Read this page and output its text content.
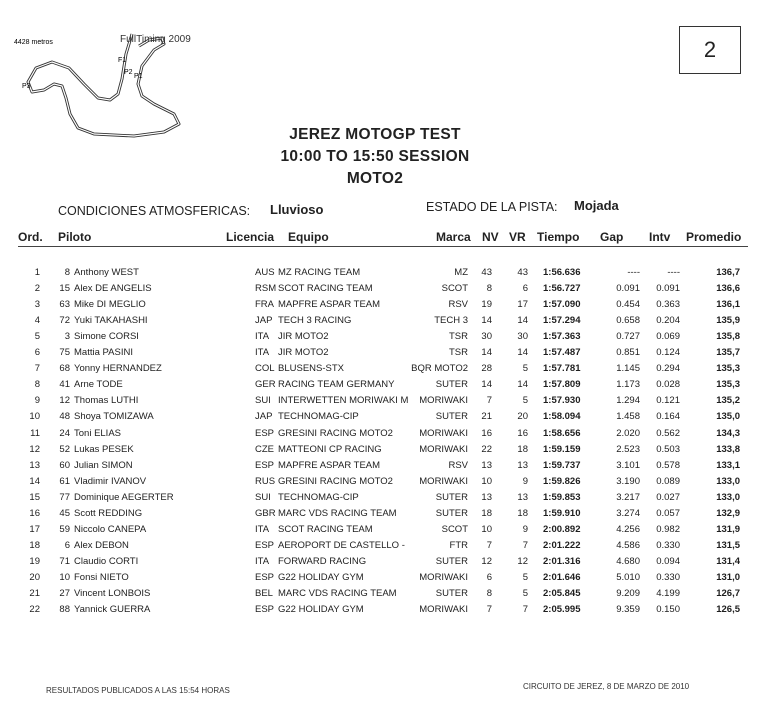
4428 metros	FullTiming 2009
F1
P2
P1
P3
2
JEREZ MOTOGP TEST
10:00 TO 15:50 SESSION
MOTO2
CONDICIONES ATMOSFERICAS: Lluvioso	ESTADO DE LA PISTA: Mojada
Ord. Piloto	Licencia Equipo	Marca NV VR Tiempo Gap Intv Promedio
1	8 Anthony WEST	AUS MZ RACING TEAM	MZ	43	43 1:56.636	----	----	136,7
2	15 Alex DE ANGELIS	RSM SCOT RACING TEAM	SCOT	8	6 1:56.727	0.091	0.091	136,6
3	63 Mike DI MEGLIO	FRA MAPFRE ASPAR TEAM	RSV	19	17 1:57.090	0.454	0.363	136,1
4	72 Yuki TAKAHASHI	JAP TECH 3 RACING	TECH 3	14	14 1:57.294	0.658	0.204	135,9
5	3 Simone CORSI	ITA JIR MOTO2	TSR	30	30 1:57.363	0.727	0.069	135,8
6	75 Mattia PASINI	ITA JIR MOTO2	TSR	14	14 1:57.487	0.851	0.124	135,7
7	68 Yonny HERNANDEZ	COL BLUSENS-STX	BQR MOTO2	28	5 1:57.781	1.145	0.294	135,3
8	41 Arne TODE	GER RACING TEAM GERMANY	SUTER	14	14 1:57.809	1.173	0.028	135,3
9	12 Thomas LUTHI	SUI INTERWETTEN MORIWAKI M	MORIWAKI	7	5 1:57.930	1.294	0.121	135,2
10	48 Shoya TOMIZAWA	JAP TECHNOMAG-CIP	SUTER	21	20 1:58.094	1.458	0.164	135,0
11	24 Toni ELIAS	ESP GRESINI RACING MOTO2	MORIWAKI	16	16 1:58.656	2.020	0.562	134,3
12	52 Lukas PESEK	CZE MATTEONI CP RACING	MORIWAKI	22	18 1:59.159	2.523	0.503	133,8
13	60 Julian SIMON	ESP MAPFRE ASPAR TEAM	RSV	13	13 1:59.737	3.101	0.578	133,1
14	61 Vladimir IVANOV	RUS GRESINI RACING MOTO2	MORIWAKI	10	9 1:59.826	3.190	0.089	133,0
15	77 Dominique AEGERTER	SUI TECHNOMAG-CIP	SUTER	13	13 1:59.853	3.217	0.027	133,0
16	45 Scott REDDING	GBR MARC VDS RACING TEAM	SUTER	18	18 1:59.910	3.274	0.057	132,9
17	59 Niccolo CANEPA	ITA SCOT RACING TEAM	SCOT	10	9 2:00.892	4.256	0.982	131,9
18	6 Alex DEBON	ESP AEROPORT DE CASTELLO -	FTR	7	7 2:01.222	4.586	0.330	131,5
19	71 Claudio CORTI	ITA FORWARD RACING	SUTER	12	12 2:01.316	4.680	0.094	131,4
20	10 Fonsi NIETO	ESP G22 HOLIDAY GYM	MORIWAKI	6	5 2:01.646	5.010	0.330	131,0
21	27 Vincent LONBOIS	BEL MARC VDS RACING TEAM	SUTER	8	5 2:05.845	9.209	4.199	126,7
22	88 Yannick GUERRA	ESP G22 HOLIDAY GYM	MORIWAKI	7	7 2:05.995	9.359	0.150	126,5
RESULTADOS PUBLICADOS A LAS 15:54 HORAS	CIRCUITO DE JEREZ, 8 DE MARZO DE 2010
